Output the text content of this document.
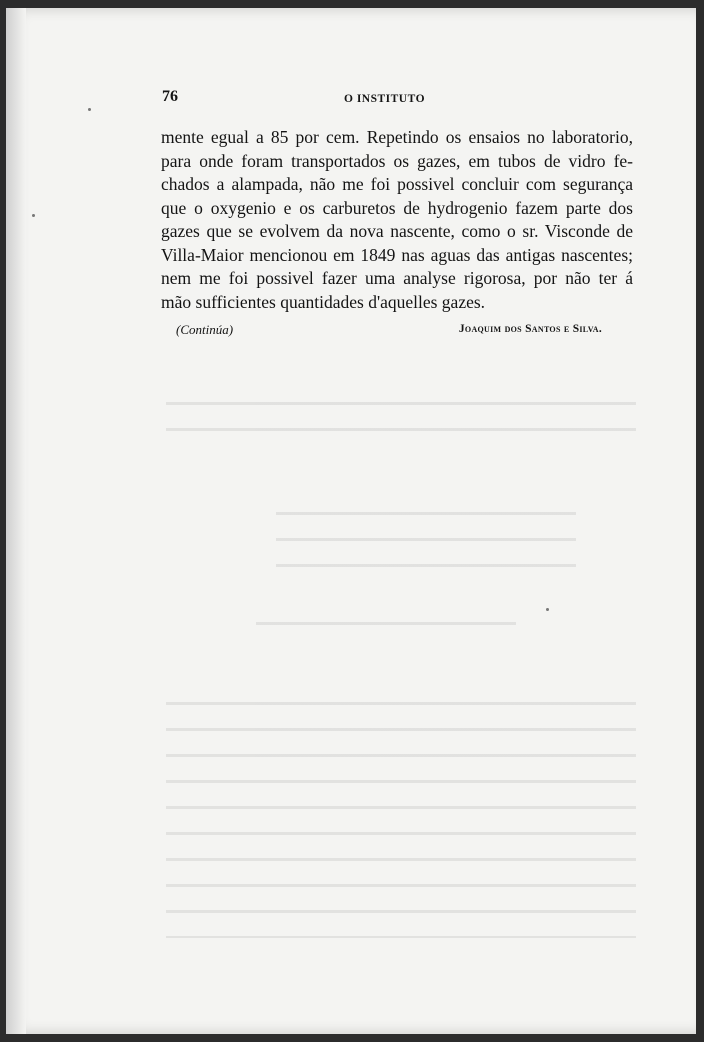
76	O INSTITUTO
mente egual a 85 por cem. Repetindo os ensaios no laboratorio,
para onde foram transportados os gazes, em tubos de vidro fe-
chados a alampada, não me foi possivel concluir com segurança
que o oxygenio e os carburetos de hydrogenio fazem parte dos
gazes que se evolvem da nova nascente, como o sr. Visconde de
Villa-Maior mencionou em 1849 nas aguas das antigas nascentes;
nem me foi possivel fazer uma analyse rigorosa, por não ter á
mão sufficientes quantidades d'aquelles gazes.
(Continúa)	Joaquim dos Santos e Silva.
